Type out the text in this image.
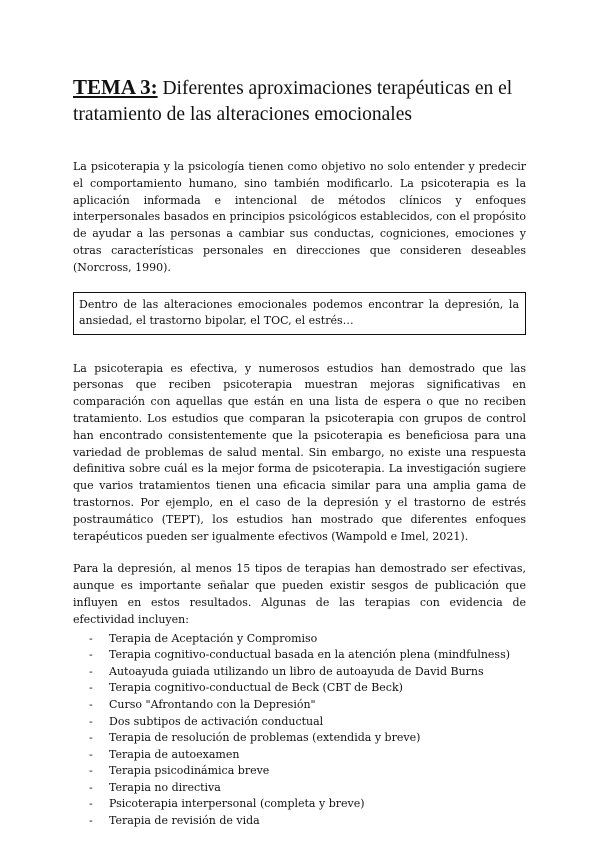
TEMA 3: Diferentes aproximaciones terapéuticas en el tratamiento de las alteraciones emocionales

La psicoterapia y la psicología tienen como objetivo no solo entender y predecir el comportamiento humano, sino también modificarlo. La psicoterapia es la aplicación informada e intencional de métodos clínicos y enfoques interpersonales basados en principios psicológicos establecidos, con el propósito de ayudar a las personas a cambiar sus conductas, cogniciones, emociones y otras características personales en direcciones que consideren deseables (Norcross, 1990).

Dentro de las alteraciones emocionales podemos encontrar la depresión, la ansiedad, el trastorno bipolar, el TOC, el estrés…

La psicoterapia es efectiva, y numerosos estudios han demostrado que las personas que reciben psicoterapia muestran mejoras significativas en comparación con aquellas que están en una lista de espera o que no reciben tratamiento. Los estudios que comparan la psicoterapia con grupos de control han encontrado consistentemente que la psicoterapia es beneficiosa para una variedad de problemas de salud mental. Sin embargo, no existe una respuesta definitiva sobre cuál es la mejor forma de psicoterapia. La investigación sugiere que varios tratamientos tienen una eficacia similar para una amplia gama de trastornos. Por ejemplo, en el caso de la depresión y el trastorno de estrés postraumático (TEPT), los estudios han mostrado que diferentes enfoques terapéuticos pueden ser igualmente efectivos (Wampold e Imel, 2021).

Para la depresión, al menos 15 tipos de terapias han demostrado ser efectivas, aunque es importante señalar que pueden existir sesgos de publicación que influyen en estos resultados. Algunas de las terapias con evidencia de efectividad incluyen:

- Terapia de Aceptación y Compromiso
- Terapia cognitivo-conductual basada en la atención plena (mindfulness)
- Autoayuda guiada utilizando un libro de autoayuda de David Burns
- Terapia cognitivo-conductual de Beck (CBT de Beck)
- Curso "Afrontando con la Depresión"
- Dos subtipos de activación conductual
- Terapia de resolución de problemas (extendida y breve)
- Terapia de autoexamen
- Terapia psicodinámica breve
- Terapia no directiva
- Psicoterapia interpersonal (completa y breve)
- Terapia de revisión de vida
